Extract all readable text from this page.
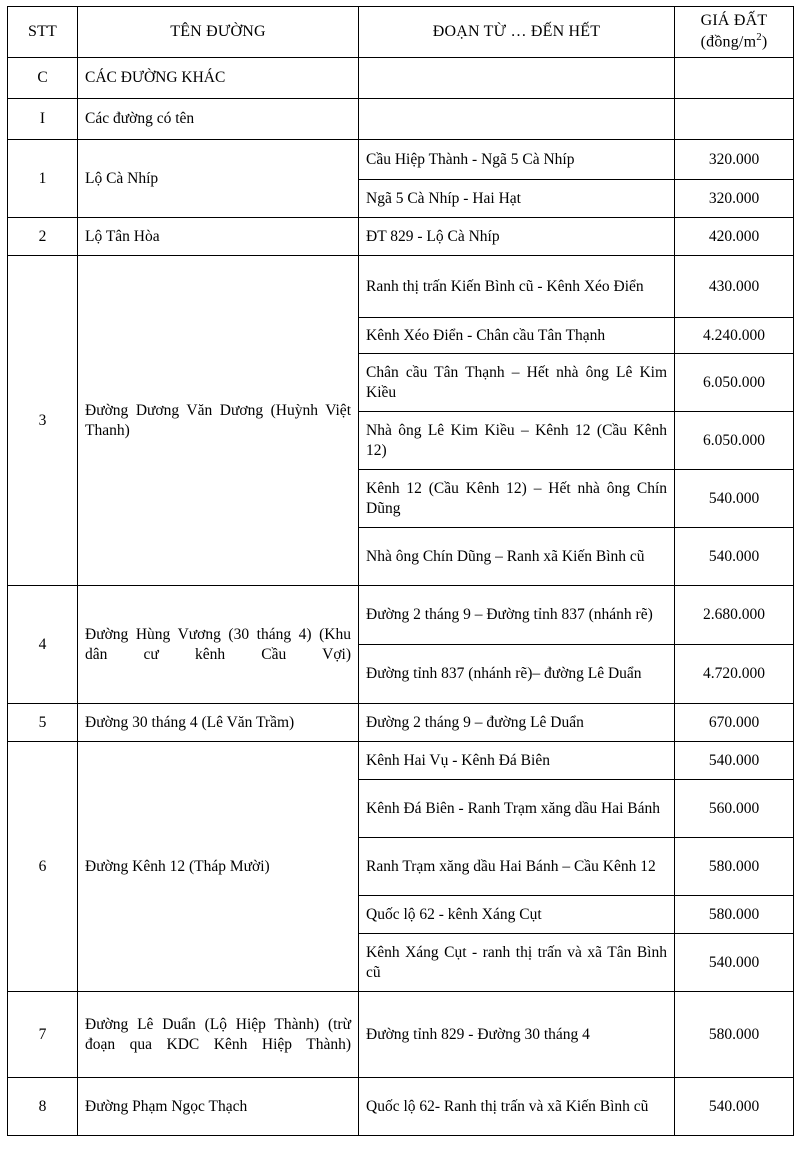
STT	TÊN ĐƯỜNG	ĐOẠN TỪ … ĐẾN HẾT	GIÁ ĐẤT
$(đồng/m^2)$

C	CÁC ĐƯỜNG KHÁC		
I	Các đường có tên		
1	Lộ Cà Nhíp	Cầu Hiệp Thành - Ngã 5 Cà Nhíp	320.000
		Ngã 5 Cà Nhíp - Hai Hạt	320.000
2	Lộ Tân Hòa	ĐT 829 - Lộ Cà Nhíp	420.000
3	Đường Dương Văn Dương (Huỳnh Việt Thanh)	Ranh thị trấn Kiến Bình cũ - Kênh Xéo Điển	430.000
		Kênh Xéo Điển - Chân cầu Tân Thạnh	4.240.000
		Chân cầu Tân Thạnh – Hết nhà ông Lê Kim Kiều	6.050.000
		Nhà ông Lê Kim Kiều – Kênh 12 (Cầu Kênh 12)	6.050.000
		Kênh 12 (Cầu Kênh 12) – Hết nhà ông Chín Dũng	540.000
		Nhà ông Chín Dũng – Ranh xã Kiến Bình cũ	540.000
4	Đường Hùng Vương (30 tháng 4) (Khu dân cư kênh Cầu Vợi)	Đường 2 tháng 9 – Đường tỉnh 837 (nhánh rẽ)	2.680.000
		Đường tỉnh 837 (nhánh rẽ)– đường Lê Duẩn	4.720.000
5	Đường 30 tháng 4 (Lê Văn Trầm)	Đường 2 tháng 9 – đường Lê Duẩn	670.000
6	Đường Kênh 12 (Tháp Mười)	Kênh Hai Vụ - Kênh Đá Biên	540.000
		Kênh Đá Biên - Ranh Trạm xăng dầu Hai Bánh	560.000
		Ranh Trạm xăng dầu Hai Bánh – Cầu Kênh 12	580.000
		Quốc lộ 62 - kênh Xáng Cụt	580.000
		Kênh Xáng Cụt - ranh thị trấn và xã Tân Bình cũ	540.000
7	Đường Lê Duẩn (Lộ Hiệp Thành) (trừ đoạn qua KDC Kênh Hiệp Thành)	Đường tỉnh 829 - Đường 30 tháng 4	580.000
8	Đường Phạm Ngọc Thạch	Quốc lộ 62- Ranh thị trấn và xã Kiến Bình cũ	540.000
